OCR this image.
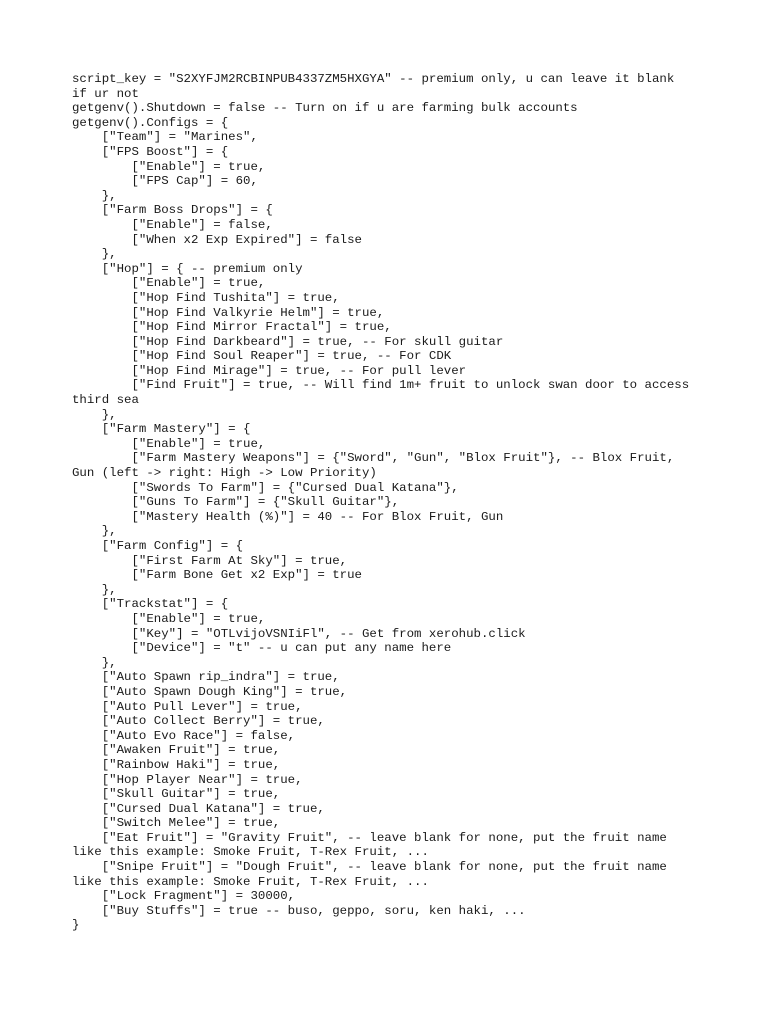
script_key = "S2XYFJM2RCBINPUB4337ZM5HXGYA" -- premium only, u can leave it blank
if ur not
getgenv().Shutdown = false -- Turn on if u are farming bulk accounts
getgenv().Configs = {
["Team"] = "Marines",
["FPS Boost"] = {
["Enable"] = true,
["FPS Cap"] = 60,
},
["Farm Boss Drops"] = {
["Enable"] = false,
["When x2 Exp Expired"] = false
},
["Hop"] = { -- premium only
["Enable"] = true,
["Hop Find Tushita"] = true,
["Hop Find Valkyrie Helm"] = true,
["Hop Find Mirror Fractal"] = true,
["Hop Find Darkbeard"] = true, -- For skull guitar
["Hop Find Soul Reaper"] = true, -- For CDK
["Hop Find Mirage"] = true, -- For pull lever
["Find Fruit"] = true, -- Will find 1m+ fruit to unlock swan door to access
third sea
},
["Farm Mastery"] = {
["Enable"] = true,
["Farm Mastery Weapons"] = {"Sword", "Gun", "Blox Fruit"}, -- Blox Fruit,
Gun (left -> right: High -> Low Priority)
["Swords To Farm"] = {"Cursed Dual Katana"},
["Guns To Farm"] = {"Skull Guitar"},
["Mastery Health (%)"] = 40 -- For Blox Fruit, Gun
},
["Farm Config"] = {
["First Farm At Sky"] = true,
["Farm Bone Get x2 Exp"] = true
},
["Trackstat"] = {
["Enable"] = true,
["Key"] = "OTLvijoVSNIiFl", -- Get from xerohub.click
["Device"] = "t" -- u can put any name here
},
["Auto Spawn rip_indra"] = true,
["Auto Spawn Dough King"] = true,
["Auto Pull Lever"] = true,
["Auto Collect Berry"] = true,
["Auto Evo Race"] = false,
["Awaken Fruit"] = true,
["Rainbow Haki"] = true,
["Hop Player Near"] = true,
["Skull Guitar"] = true,
["Cursed Dual Katana"] = true,
["Switch Melee"] = true,
["Eat Fruit"] = "Gravity Fruit", -- leave blank for none, put the fruit name
like this example: Smoke Fruit, T-Rex Fruit, ...
["Snipe Fruit"] = "Dough Fruit", -- leave blank for none, put the fruit name
like this example: Smoke Fruit, T-Rex Fruit, ...
["Lock Fragment"] = 30000,
["Buy Stuffs"] = true -- buso, geppo, soru, ken haki, ...
}
